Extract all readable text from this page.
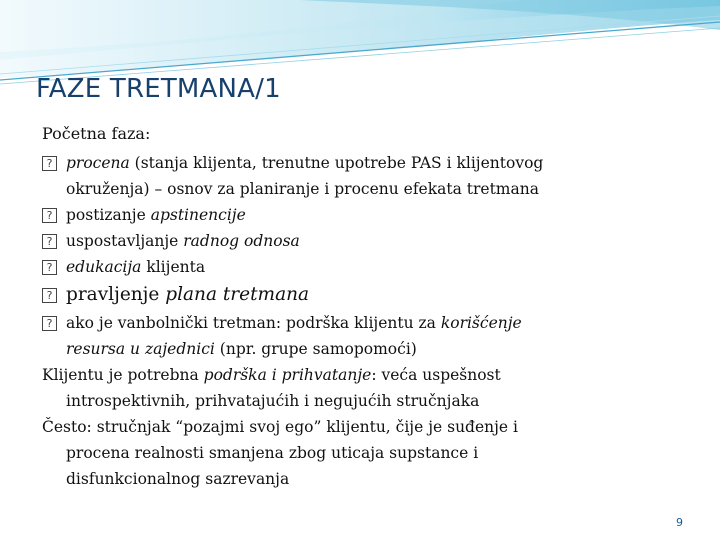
FAZE TRETMANA/1
Početna faza:
? procena (stanja klijenta, trenutne upotrebe PAS i klijentovog
okruženja) – osnov za planiranje i procenu efekata tretmana
? postizanje apstinencije
? uspostavljanje radnog odnosa
? edukacija klijenta
? pravljenje plana tretmana
? ako je vanbolnički tretman: podrška klijentu za korišćenje
resursa u zajednici (npr. grupe samopomoći)
Klijentu je potrebna podrška i prihvatanje: veća uspešnost
introspektivnih, prihvatajućih i negujućih stručnjaka
Često: stručnjak “pozajmi svoj ego” klijentu, čije je suđenje i
procena realnosti smanjena zbog uticaja supstance i
disfunkcionalnog sazrevanja
9
